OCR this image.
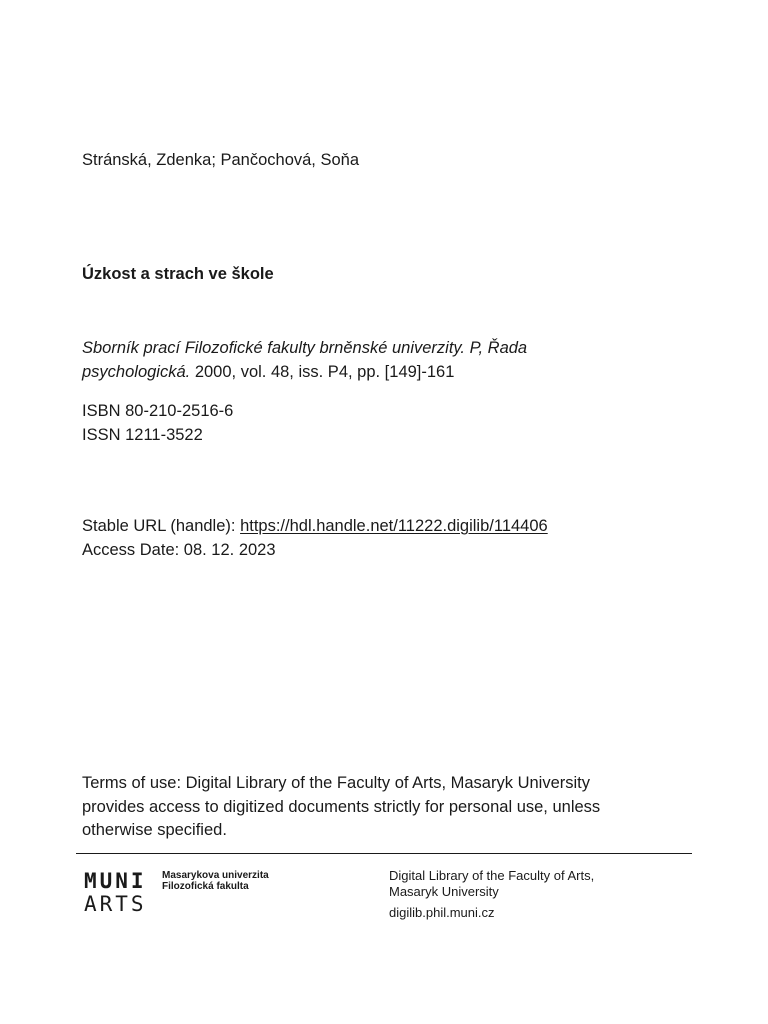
Stránská, Zdenka; Pančochová, Soňa
Úzkost a strach ve škole
Sborník prací Filozofické fakulty brněnské univerzity. P, Řada
psychologická. 2000, vol. 48, iss. P4, pp. [149]-161
ISBN 80-210-2516-6
ISSN 1211-3522
Stable URL (handle): https://hdl.handle.net/11222.digilib/114406
Access Date: 08. 12. 2023
Terms of use: Digital Library of the Faculty of Arts, Masaryk University
provides access to digitized documents strictly for personal use, unless
otherwise specified.
MUNI
ARTS
Masarykova univerzita
Filozofická fakulta
Digital Library of the Faculty of Arts,
Masaryk University
digilib.phil.muni.cz
